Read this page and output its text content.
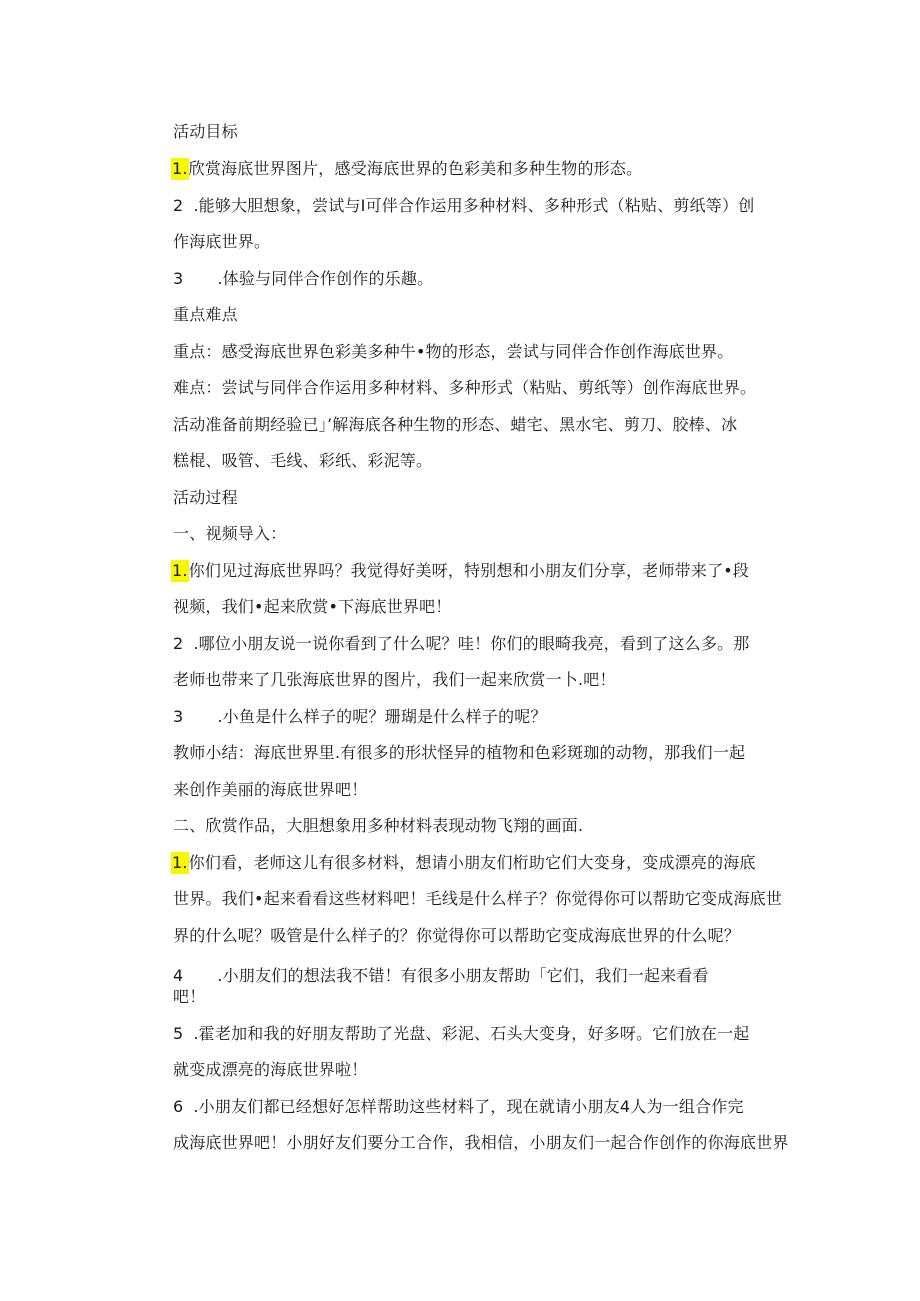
活动目标
1.欣赏海底世界图片，感受海底世界的色彩美和多种生物的形态。
2 .能够大胆想象，尝试与I可伴合作运用多种材料、多种形式（粘贴、剪纸等）创
作海底世界。
3 .体验与同伴合作创作的乐趣。
重点难点
重点：感受海底世界色彩美多种牛•物的形态，尝试与同伴合作创作海底世界。
难点：尝试与同伴合作运用多种材料、多种形式（粘贴、剪纸等）创作海底世界。
活动准备前期经验已」’解海底各种生物的形态、蜡宅、黑水宅、剪刀、胶棒、冰
糕棍、吸管、毛线、彩纸、彩泥等。
活动过程
一、视频导入：
1.你们见过海底世界吗？我觉得好美呀，特别想和小朋友们分享，老师带来了•段
视频，我们•起来欣赏•下海底世界吧！
2 .哪位小朋友说一说你看到了什么呢？哇！你们的眼畸我亮，看到了这么多。那
老师也带来了几张海底世界的图片，我们一起来欣赏一卜.吧！
3 .小鱼是什么样子的呢？珊瑚是什么样子的呢？
教师小结：海底世界里.有很多的形状怪异的植物和色彩斑珈的动物，那我们一起
来创作美丽的海底世界吧！
二、欣赏作品，大胆想象用多种材料表现动物飞翔的画面.
1.你们看，老师这儿有很多材料，想请小朋友们桁助它们大变身，变成漂亮的海底
世界。我们•起来看看这些材料吧！毛线是什么样子？你觉得你可以帮助它变成海底世
界的什么呢？吸管是什么样子的？你觉得你可以帮助它变成海底世界的什么呢？
4 .小朋友们的想法我不错！有很多小朋友帮助「它们，我们一起来看看
吧！
5 .霍老加和我的好朋友帮助了光盘、彩泥、石头大变身，好多呀。它们放在一起
就变成漂亮的海底世界啦！
6 .小朋友们都已经想好怎样帮助这些材料了，现在就请小朋友4人为一组合作完
成海底世界吧！小朋好友们要分工合作，我相信，小朋友们一起合作创作的你海底世界
